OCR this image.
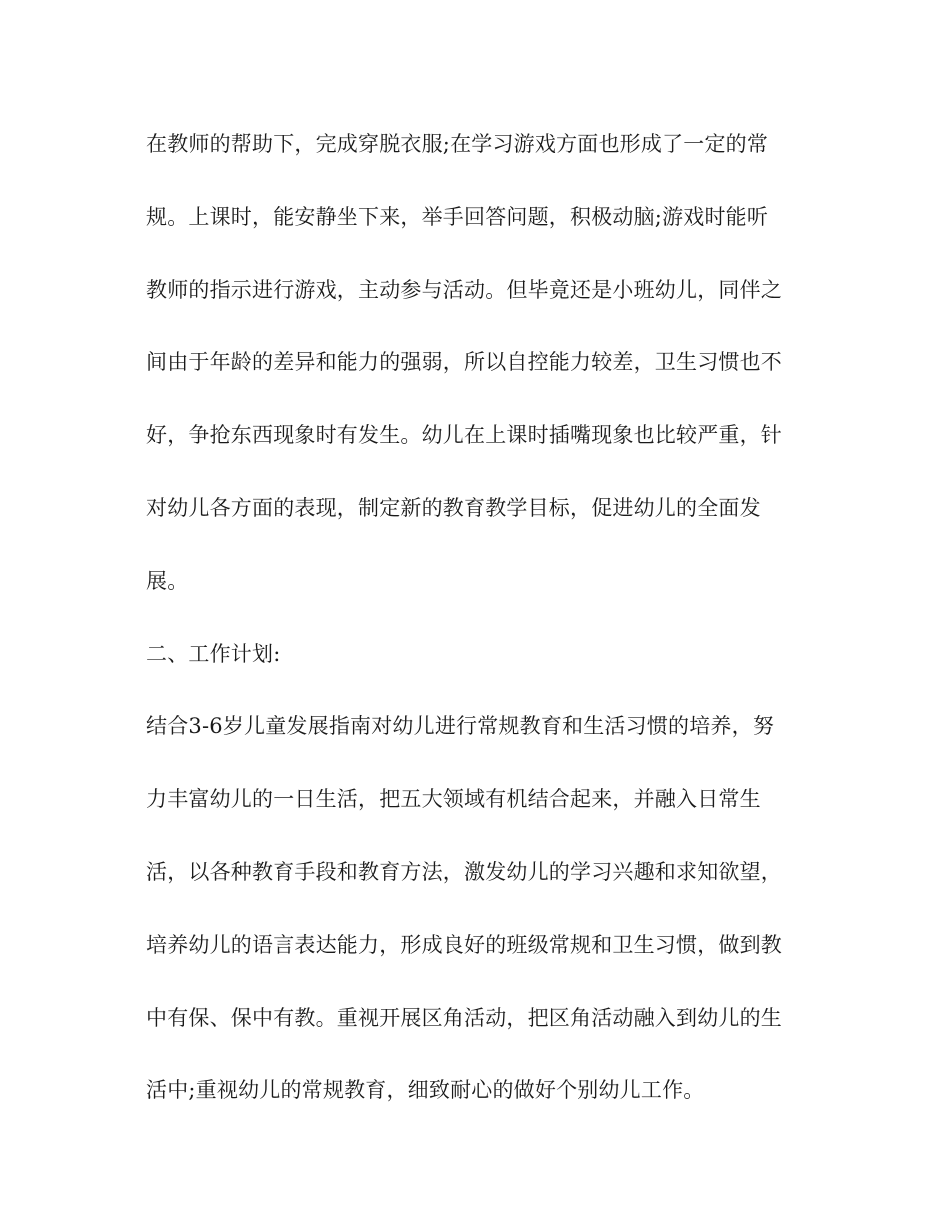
在教师的帮助下，完成穿脱衣服;在学习游戏方面也形成了一定的常
规。上课时，能安静坐下来，举手回答问题，积极动脑;游戏时能听
教师的指示进行游戏，主动参与活动。但毕竟还是小班幼儿，同伴之
间由于年龄的差异和能力的强弱，所以自控能力较差，卫生习惯也不
好，争抢东西现象时有发生。幼儿在上课时插嘴现象也比较严重，针
对幼儿各方面的表现，制定新的教育教学目标，促进幼儿的全面发
展。
二、工作计划:
结合3-6岁儿童发展指南对幼儿进行常规教育和生活习惯的培养，努
力丰富幼儿的一日生活，把五大领域有机结合起来，并融入日常生
活，以各种教育手段和教育方法，激发幼儿的学习兴趣和求知欲望，
培养幼儿的语言表达能力，形成良好的班级常规和卫生习惯，做到教
中有保、保中有教。重视开展区角活动，把区角活动融入到幼儿的生
活中;重视幼儿的常规教育，细致耐心的做好个别幼儿工作。
